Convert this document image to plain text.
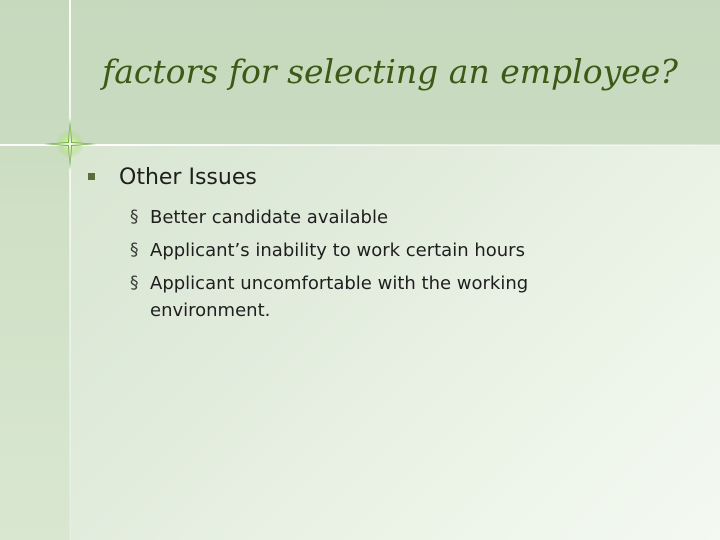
factors for selecting an employee?
Other Issues
§ Better candidate available
§ Applicant’s inability to work certain hours
§ Applicant uncomfortable with the working environment.
